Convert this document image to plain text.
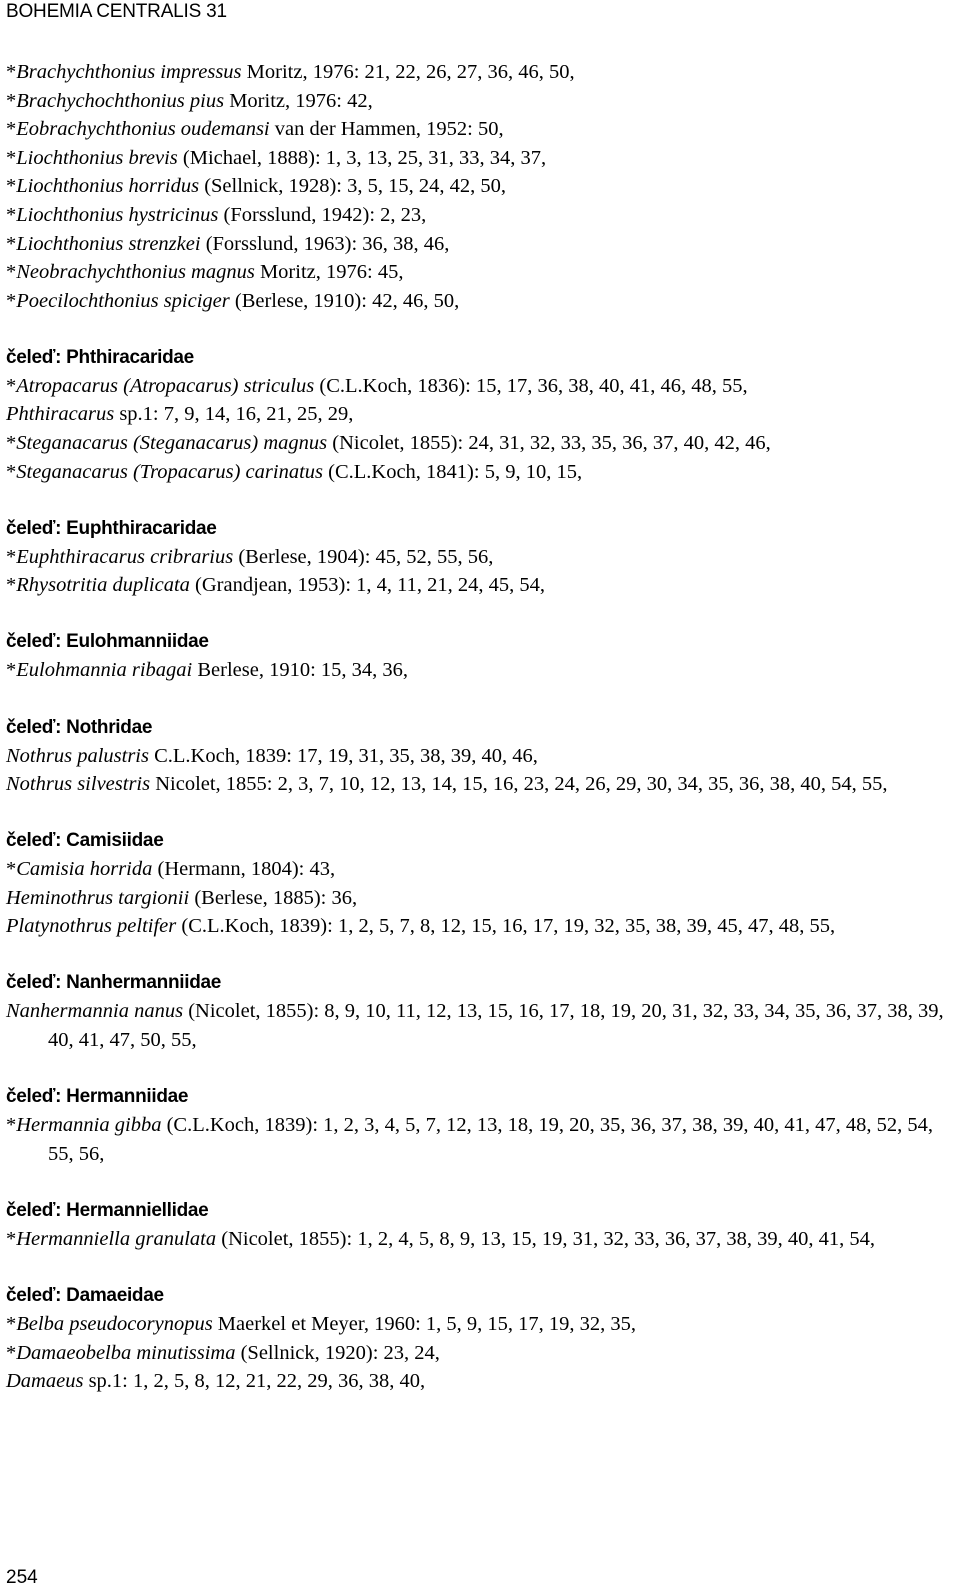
BOHEMIA CENTRALIS 31
*Brachychthonius impressus Moritz, 1976: 21, 22, 26, 27, 36, 46, 50,
*Brachychochthonius pius Moritz, 1976: 42,
*Eobrachychthonius oudemansi van der Hammen, 1952: 50,
*Liochthonius brevis (Michael, 1888): 1, 3, 13, 25, 31, 33, 34, 37,
*Liochthonius horridus (Sellnick, 1928): 3, 5, 15, 24, 42, 50,
*Liochthonius hystricinus (Forsslund, 1942): 2, 23,
*Liochthonius strenzkei (Forsslund, 1963): 36, 38, 46,
*Neobrachychthonius magnus Moritz, 1976: 45,
*Poecilochthonius spiciger (Berlese, 1910): 42, 46, 50,
čeleď: Phthiracaridae
*Atropacarus (Atropacarus) striculus (C.L.Koch, 1836): 15, 17, 36, 38, 40, 41, 46, 48, 55,
Phthiracarus sp.1: 7, 9, 14, 16, 21, 25, 29,
*Steganacarus (Steganacarus) magnus (Nicolet, 1855): 24, 31, 32, 33, 35, 36, 37, 40, 42, 46,
*Steganacarus (Tropacarus) carinatus (C.L.Koch, 1841): 5, 9, 10, 15,
čeleď: Euphthiracaridae
*Euphthiracarus cribrarius (Berlese, 1904): 45, 52, 55, 56,
*Rhysotritia duplicata (Grandjean, 1953): 1, 4, 11, 21, 24, 45, 54,
čeleď: Eulohmanniidae
*Eulohmannia ribagai Berlese, 1910: 15, 34, 36,
čeleď: Nothridae
Nothrus palustris C.L.Koch, 1839: 17, 19, 31, 35, 38, 39, 40, 46,
Nothrus silvestris Nicolet, 1855: 2, 3, 7, 10, 12, 13, 14, 15, 16, 23, 24, 26, 29, 30, 34, 35, 36, 38, 40, 54, 55,
čeleď: Camisiidae
*Camisia horrida (Hermann, 1804): 43,
Heminothrus targionii (Berlese, 1885): 36,
Platynothrus peltifer (C.L.Koch, 1839): 1, 2, 5, 7, 8, 12, 15, 16, 17, 19, 32, 35, 38, 39, 45, 47, 48, 55,
čeleď: Nanhermanniidae
Nanhermannia nanus (Nicolet, 1855): 8, 9, 10, 11, 12, 13, 15, 16, 17, 18, 19, 20, 31, 32, 33, 34, 35, 36, 37, 38, 39, 40, 41, 47, 50, 55,
čeleď: Hermanniidae
*Hermannia gibba (C.L.Koch, 1839): 1, 2, 3, 4, 5, 7, 12, 13, 18, 19, 20, 35, 36, 37, 38, 39, 40, 41, 47, 48, 52, 54, 55, 56,
čeleď: Hermanniellidae
*Hermanniella granulata (Nicolet, 1855): 1, 2, 4, 5, 8, 9, 13, 15, 19, 31, 32, 33, 36, 37, 38, 39, 40, 41, 54,
čeleď: Damaeidae
*Belba pseudocorynopus Maerkel et Meyer, 1960: 1, 5, 9, 15, 17, 19, 32, 35,
*Damaeobelba minutissima (Sellnick, 1920): 23, 24,
Damaeus sp.1: 1, 2, 5, 8, 12, 21, 22, 29, 36, 38, 40,
254
